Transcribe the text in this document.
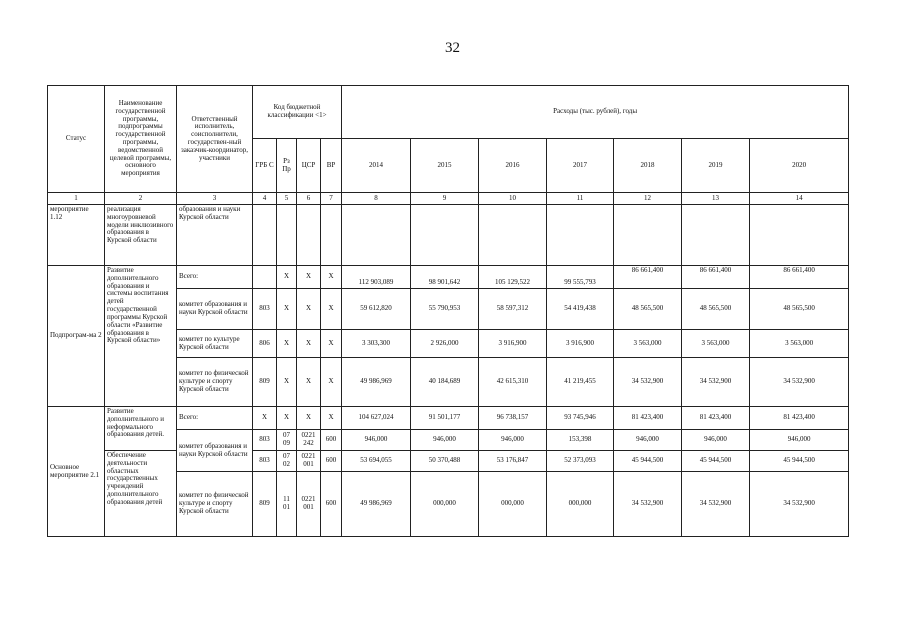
32
Статус	Наименование государственной программы, подпрограммы государственной программы, ведомственной целевой программы, основного мероприятия	Ответственный исполнитель, соисполнители, государствен-ный заказчик-координатор, участники	Код бюджетной классификации <1>				Расходы (тыс. рублей), годы						
			ГРБ С	Рз Пр	ЦСР	ВР	2014	2015	2016	2017	2018	2019	2020
1	2	3	4	5	6	7	8	9	10	11	12	13	14
мероприятие 1.12	реализация многоуровневой модели инклюзивного образования в Курской области	образования и науки Курской области											
Подпрограм-ма 2	Развитие дополнительного образования и системы воспитания детей государственной программы Курской области «Развитие образования в Курской области»	Всего:		X	X	X	112 903,089	98 901,642	105 129,522	99 555,793	86 661,400	86 661,400	86 661,400
		комитет образования и науки Курской области	803	X	X	X	59 612,820	55 790,953	58 597,312	54 419,438	48 565,500	48 565,500	48 565,500
		комитет по культуре Курской области	806	X	X	X	3 303,300	2 926,000	3 916,900	3 916,900	3 563,000	3 563,000	3 563,000
		комитет по физической культуре и спорту Курской области	809	X	X	X	49 986,969	40 184,689	42 615,310	41 219,455	34 532,900	34 532,900	34 532,900
Основное мероприятие 2.1	Развитие дополнительного и неформального образования детей.	Всего:	X	X	X	X	104 627,024	91 501,177	96 738,157	93 745,946	81 423,400	81 423,400	81 423,400
		комитет образования и науки Курской области	803	07 09	0221 242	600	946,000	946,000	946,000	153,398	946,000	946,000	946,000
	Обеспечение деятельности областных государственных учреждений дополнительного образования детей		803	07 02	0221 001	600	53 694,055	50 370,488	53 176,847	52 373,093	45 944,500	45 944,500	45 944,500
		комитет по физической культуре и спорту Курской области	809	11 01	0221 001	600	49 986,969	000,000	000,000	000,000	34 532,900	34 532,900	34 532,900
